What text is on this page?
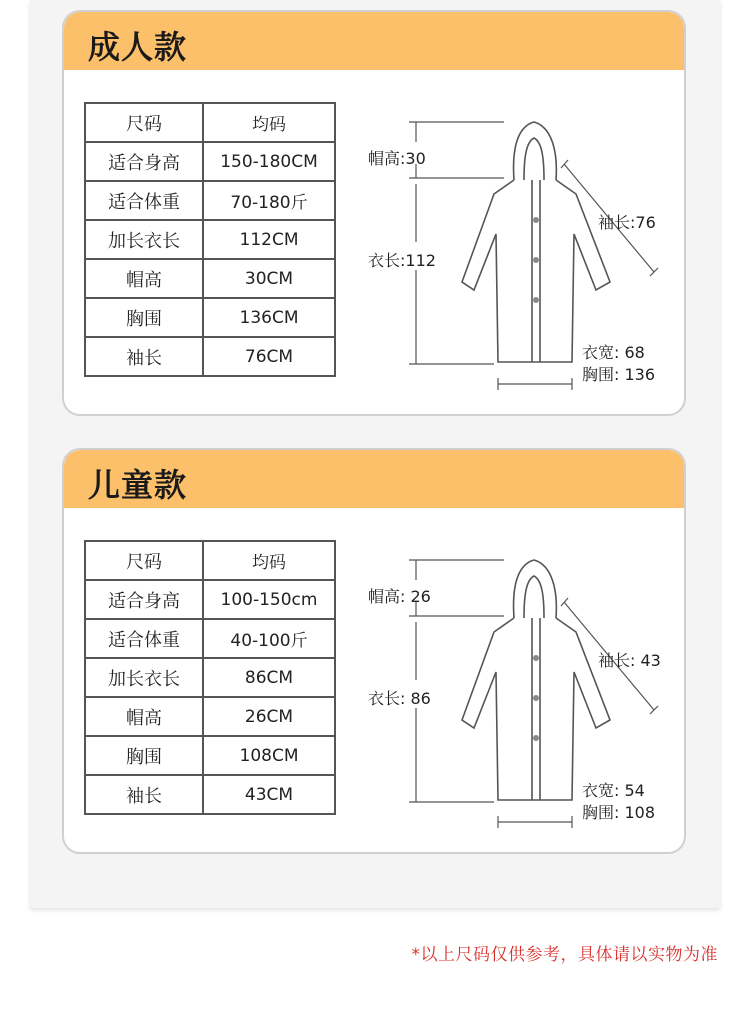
成人款
尺码	均码
适合身高	150-180CM
适合体重	70-180斤
加长衣长	112CM
帽高	30CM
胸围	136CM
袖长	76CM
帽高:30
衣长:112
袖长:76
衣宽: 68
胸围: 136
儿童款
尺码	均码
适合身高	100-150cm
适合体重	40-100斤
加长衣长	86CM
帽高	26CM
胸围	108CM
袖长	43CM
帽高: 26
衣长: 86
袖长: 43
衣宽: 54
胸围: 108
*以上尺码仅供参考，具体请以实物为准
